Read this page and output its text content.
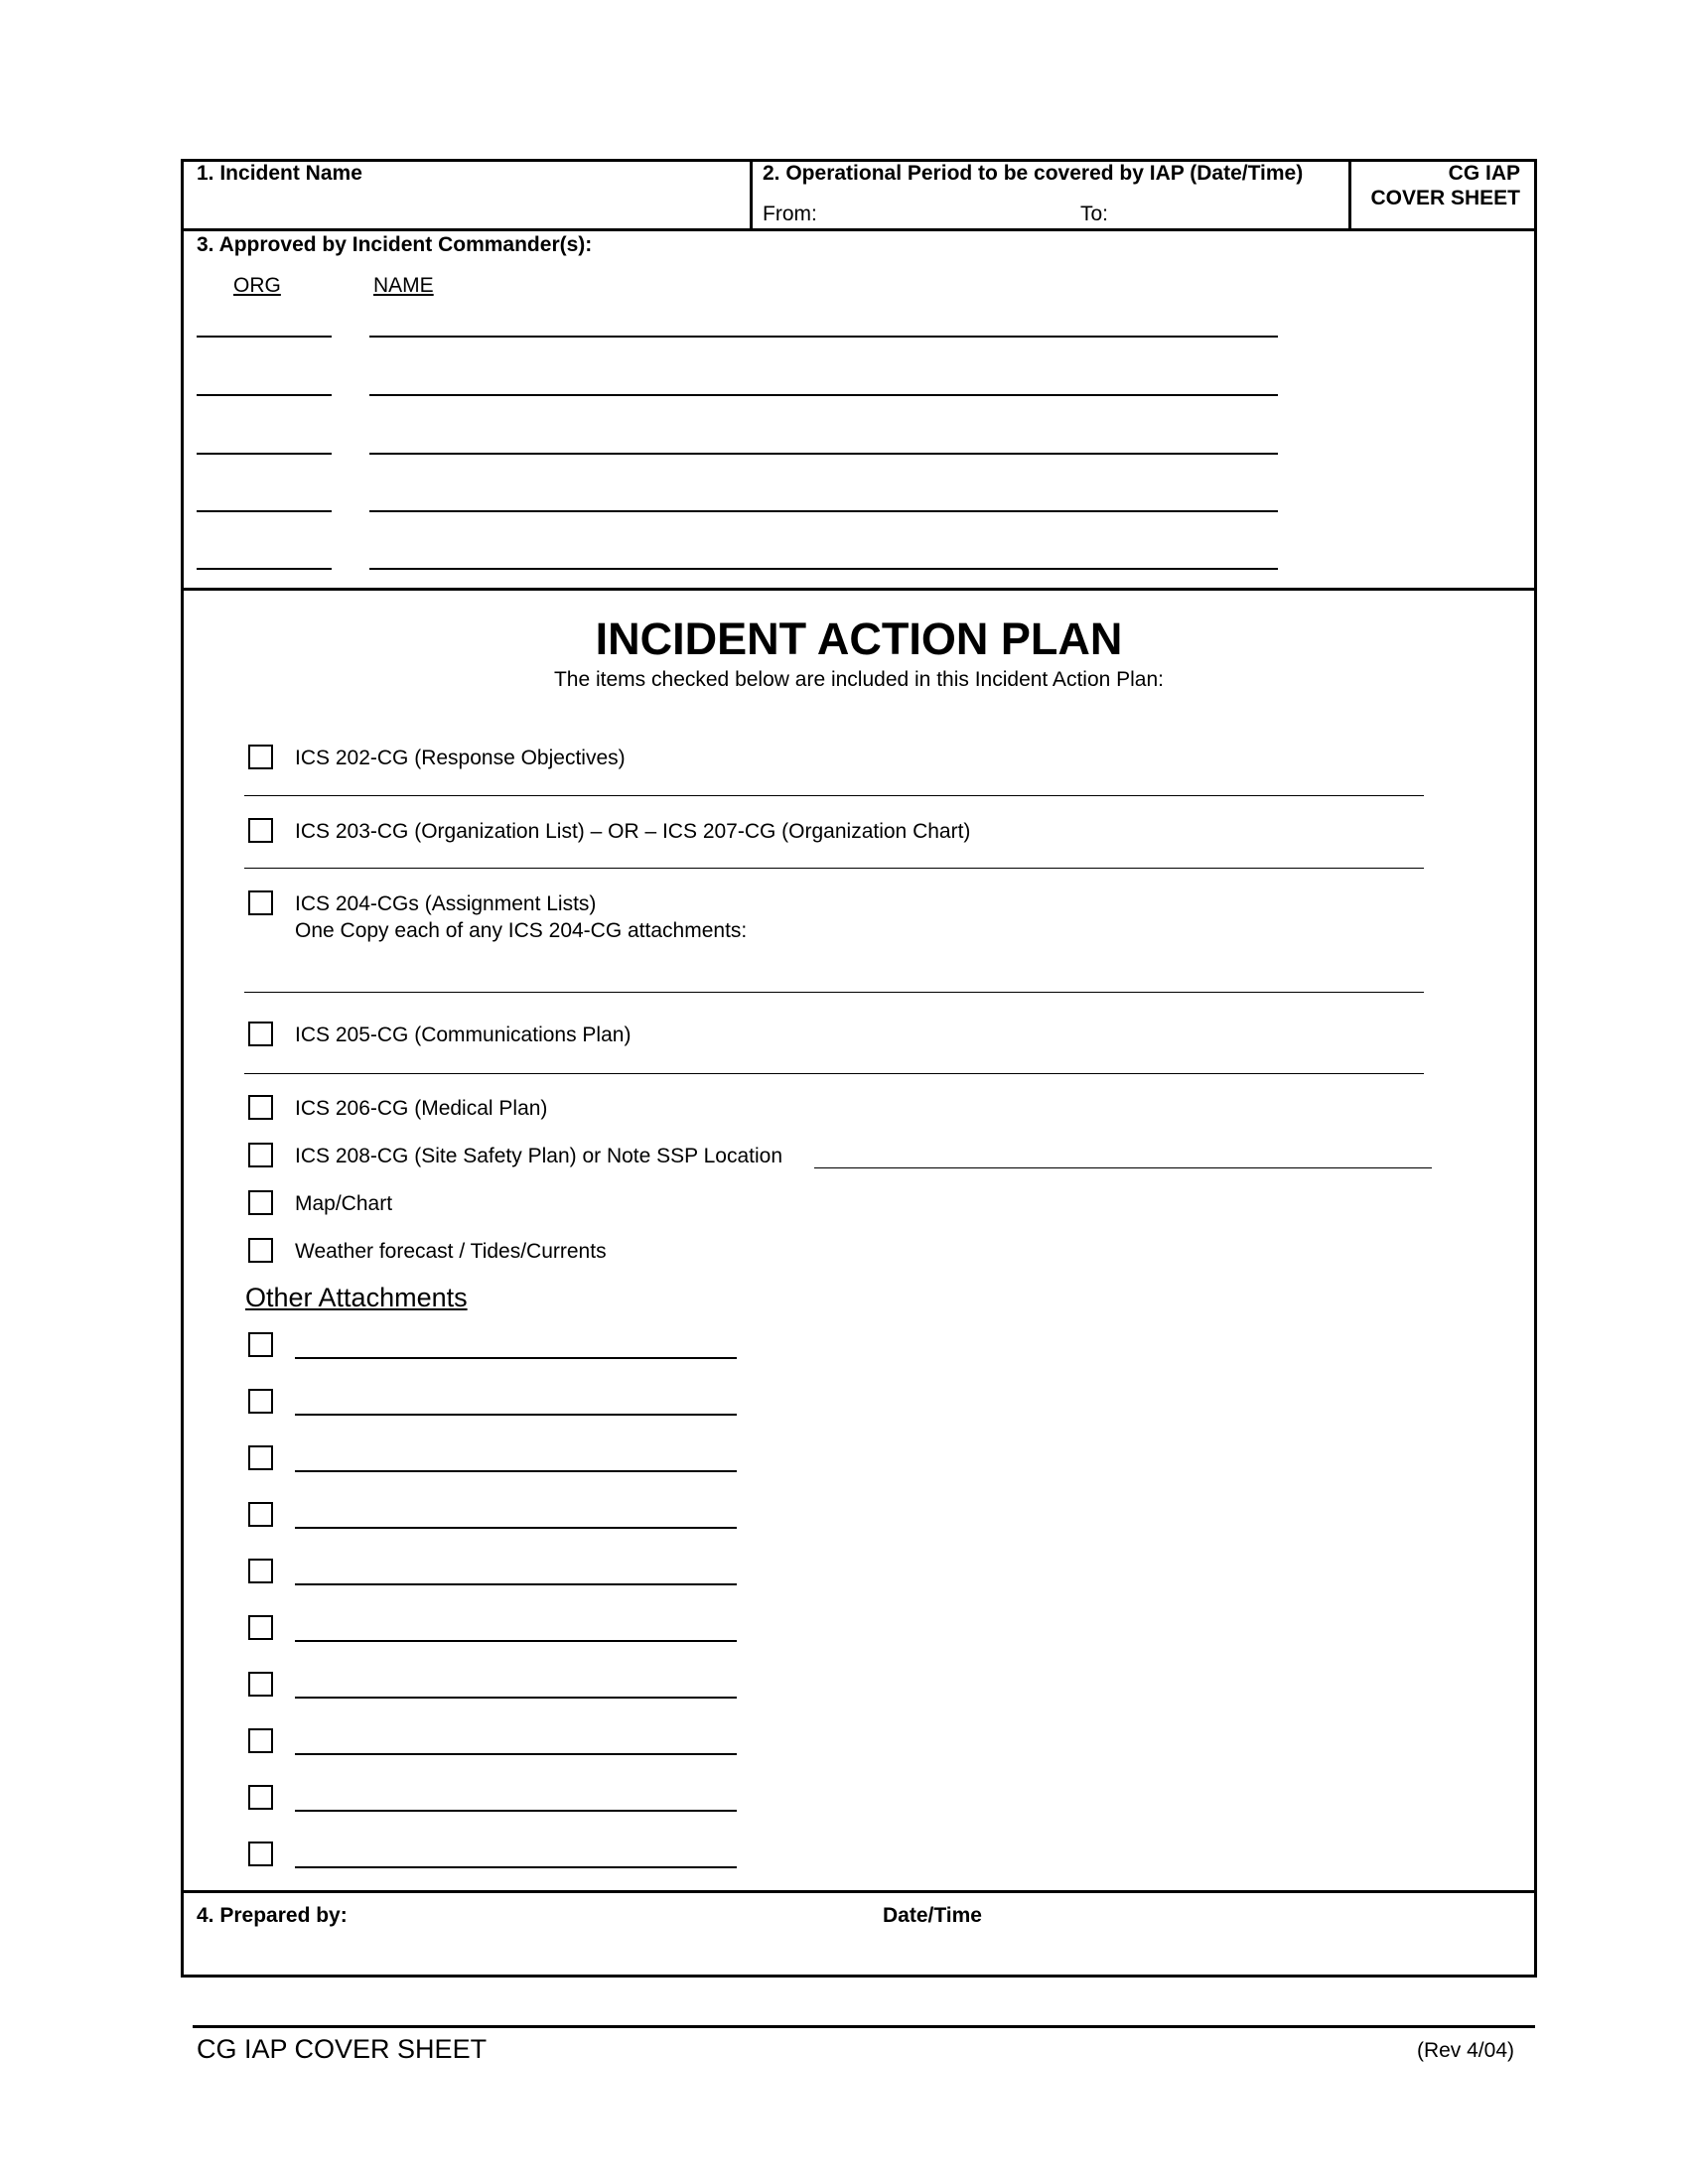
1. Incident Name	2. Operational Period to be covered by IAP (Date/Time)
From:	To:
CG IAP
COVER SHEET
3. Approved by Incident Commander(s):
ORG	NAME
INCIDENT ACTION PLAN
The items checked below are included in this Incident Action Plan:
ICS 202-CG (Response Objectives)
ICS 203-CG (Organization List) – OR – ICS 207-CG (Organization Chart)
ICS 204-CGs (Assignment Lists)
One Copy each of any ICS 204-CG attachments:
ICS 205-CG (Communications Plan)
ICS 206-CG (Medical Plan)
ICS 208-CG (Site Safety Plan) or Note SSP Location
Map/Chart
Weather forecast / Tides/Currents
Other Attachments
4. Prepared by:	Date/Time
CG IAP COVER SHEET	(Rev 4/04)
